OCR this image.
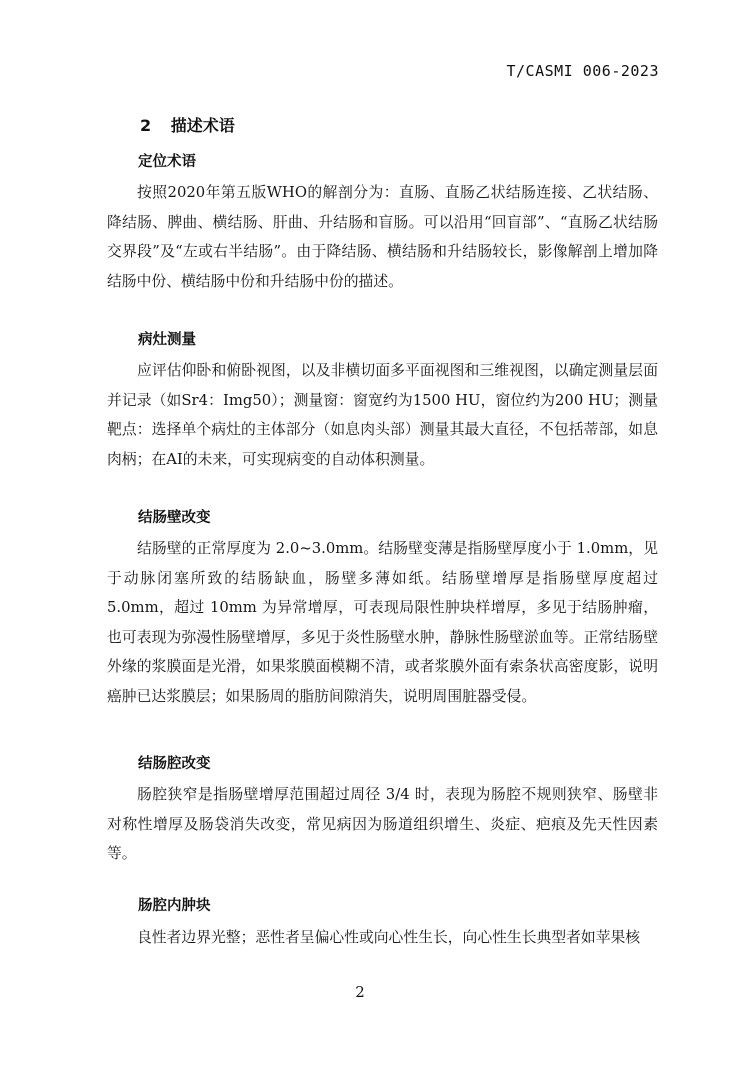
T/CASMI 006-2023
2 描述术语
定位术语
按照2020年第五版WHO的解剖分为：直肠、直肠乙状结肠连接、乙状结肠、降结肠、脾曲、横结肠、肝曲、升结肠和盲肠。可以沿用“回盲部”、“直肠乙状结肠交界段”及“左或右半结肠”。由于降结肠、横结肠和升结肠较长，影像解剖上增加降结肠中份、横结肠中份和升结肠中份的描述。
病灶测量
应评估仰卧和俯卧视图，以及非横切面多平面视图和三维视图，以确定测量层面并记录（如Sr4：Img50）；测量窗：窗宽约为1500 HU，窗位约为200 HU；测量靶点：选择单个病灶的主体部分（如息肉头部）测量其最大直径，不包括蒂部，如息肉柄；在AI的未来，可实现病变的自动体积测量。
结肠壁改变
结肠壁的正常厚度为 2.0~3.0mm。结肠壁变薄是指肠壁厚度小于 1.0mm，见于动脉闭塞所致的结肠缺血，肠壁多薄如纸。结肠壁增厚是指肠壁厚度超过 5.0mm，超过 10mm 为异常增厚，可表现局限性肿块样增厚，多见于结肠肿瘤，也可表现为弥漫性肠壁增厚，多见于炎性肠壁水肿，静脉性肠壁淤血等。正常结肠壁外缘的浆膜面是光滑，如果浆膜面模糊不清，或者浆膜外面有索条状高密度影，说明癌肿已达浆膜层；如果肠周的脂肪间隙消失，说明周围脏器受侵。
结肠腔改变
肠腔狭窄是指肠壁增厚范围超过周径 3/4 时，表现为肠腔不规则狭窄、肠壁非对称性增厚及肠袋消失改变，常见病因为肠道组织增生、炎症、疤痕及先天性因素等。
肠腔内肿块
良性者边界光整；恶性者呈偏心性或向心性生长，向心性生长典型者如苹果核
2
